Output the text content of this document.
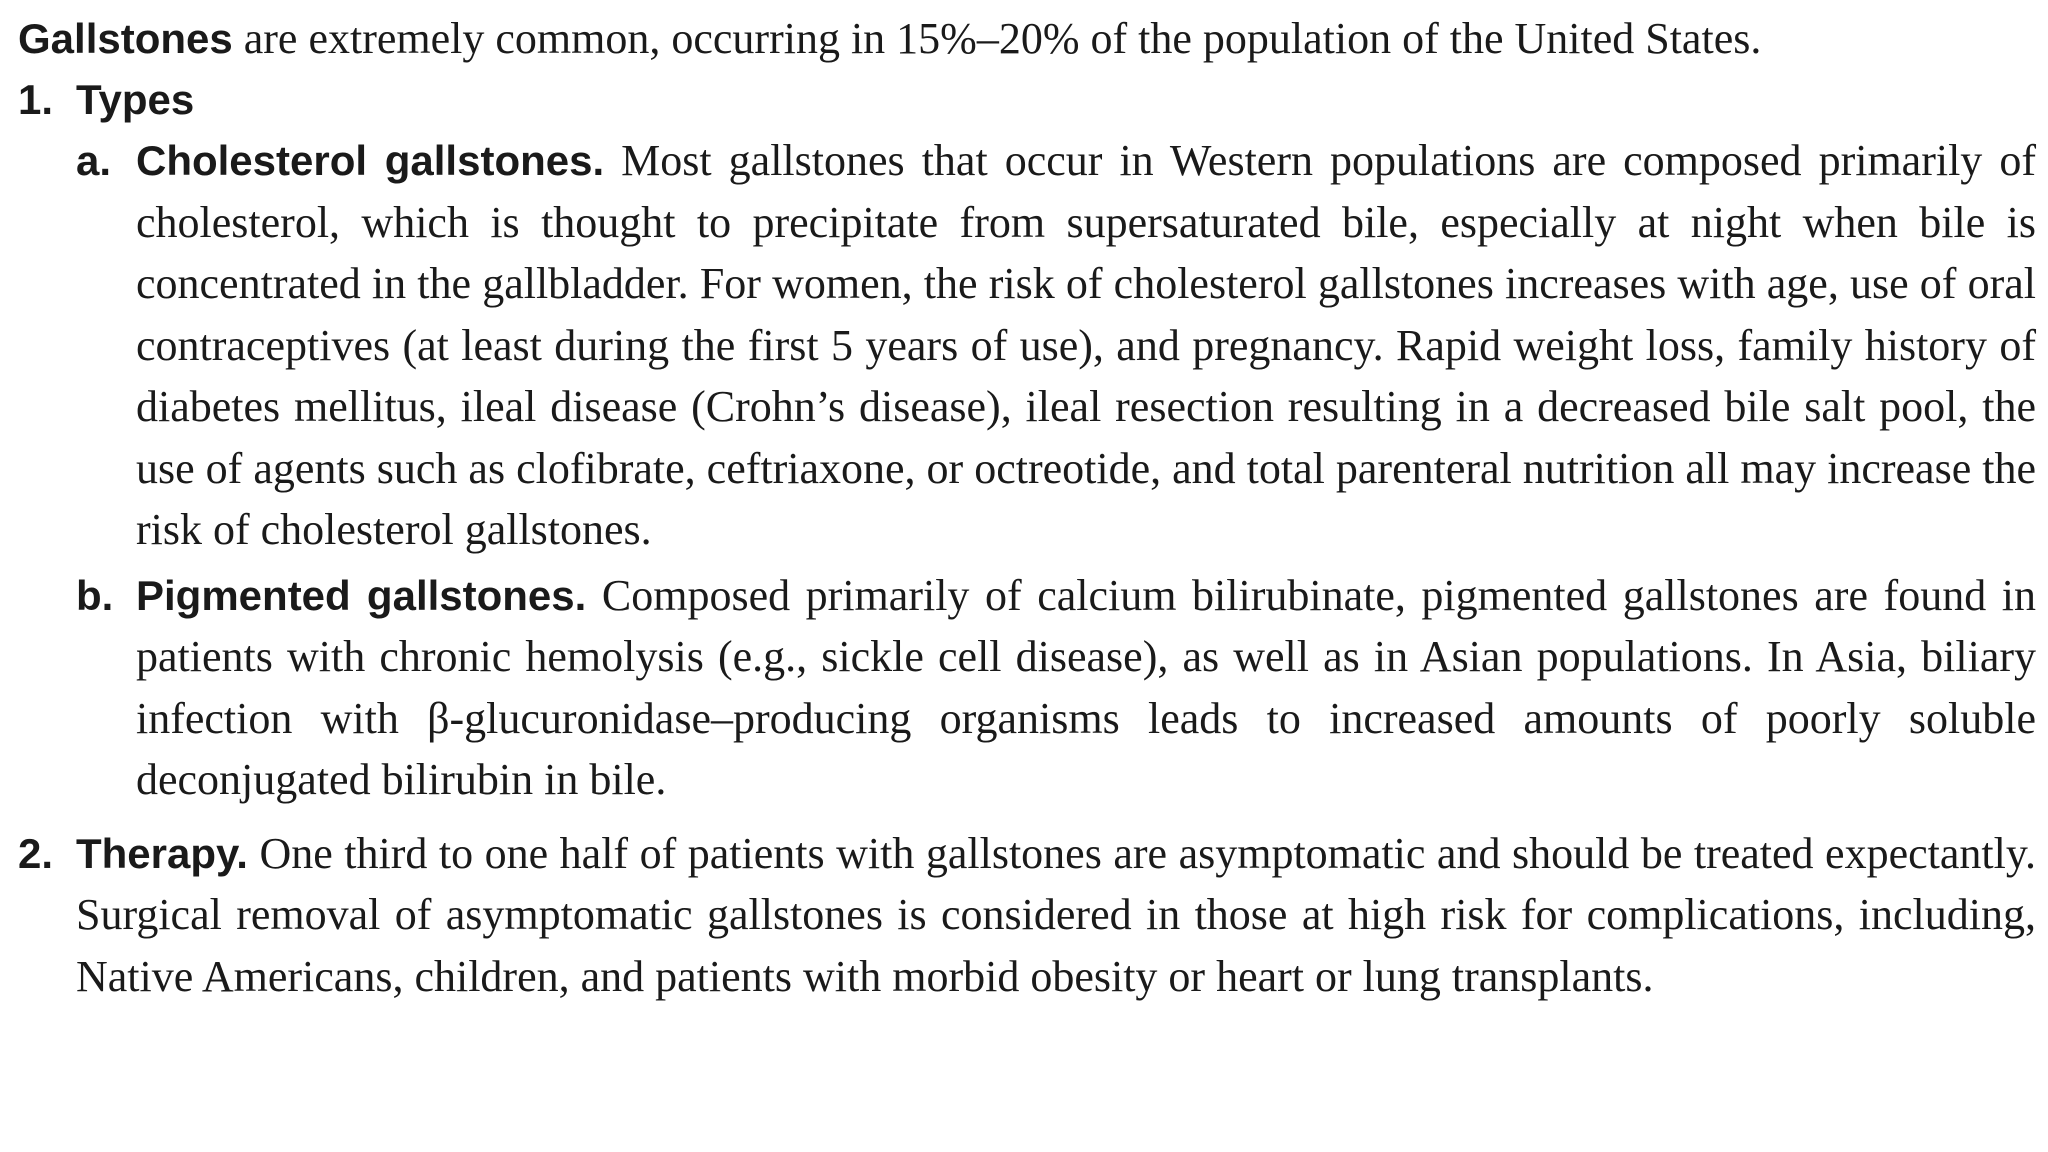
Gallstones are extremely common, occurring in 15%–20% of the population of the United States.

1. Types

a. Cholesterol gallstones. Most gallstones that occur in Western populations are composed primarily of cholesterol, which is thought to precipitate from supersaturated bile, especially at night when bile is concentrated in the gallbladder. For women, the risk of cholesterol gallstones increases with age, use of oral contraceptives (at least during the first 5 years of use), and pregnancy. Rapid weight loss, family history of diabetes mellitus, ileal disease (Crohn’s disease), ileal resection resulting in a decreased bile salt pool, the use of agents such as clofibrate, ceftriaxone, or octreotide, and total parenteral nutrition all may increase the risk of cholesterol gallstones.

b. Pigmented gallstones. Composed primarily of calcium bilirubinate, pigmented gallstones are found in patients with chronic hemolysis (e.g., sickle cell disease), as well as in Asian populations. In Asia, biliary infection with β-glucuronidase–producing organisms leads to increased amounts of poorly soluble deconjugated bilirubin in bile.

2. Therapy. One third to one half of patients with gallstones are asymptomatic and should be treated expectantly. Surgical removal of asymptomatic gallstones is considered in those at high risk for complications, including, Native Americans, children, and patients with morbid obesity or heart or lung transplants.
